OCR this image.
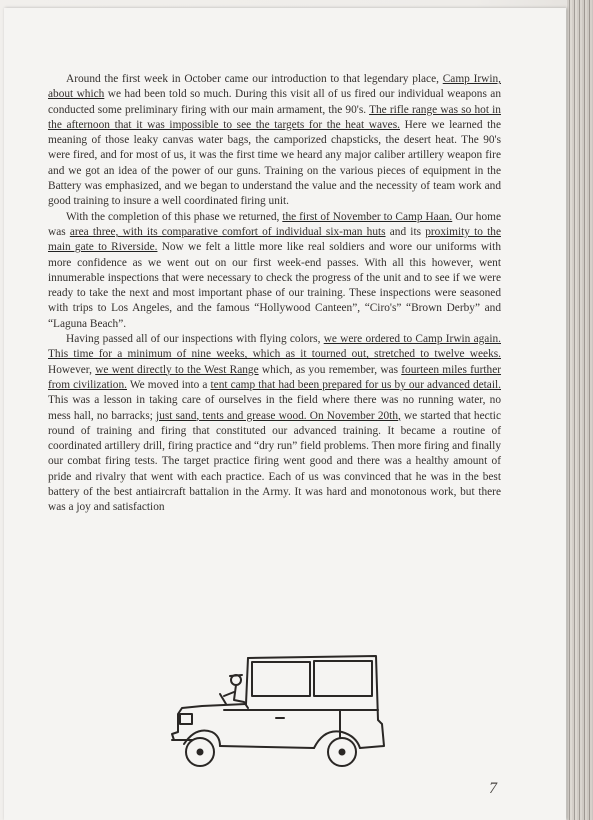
Around the first week in October came our introduction to that legendary place, Camp Irwin, about which we had been told so much. During this visit all of us fired our individual weapons an conducted some preliminary firing with our main armament, the 90's. The rifle range was so hot in the afternoon that it was impossible to see the targets for the heat waves. Here we learned the meaning of those leaky canvas water bags, the camporized chapsticks, the desert heat. The 90's were fired, and for most of us, it was the first time we heard any major caliber artillery weapon fire and we got an idea of the power of our guns. Training on the various pieces of equipment in the Battery was emphasized, and we began to understand the value and the necessity of team work and good training to insure a well coordinated firing unit.

With the completion of this phase we returned, the first of November to Camp Haan. Our home was area three, with its comparative comfort of individual six-man huts and its proximity to the main gate to Riverside. Now we felt a little more like real soldiers and wore our uniforms with more confidence as we went out on our first week-end passes. With all this however, went innumerable inspections that were necessary to check the progress of the unit and to see if we were ready to take the next and most important phase of our training. These inspections were seasoned with trips to Los Angeles, and the famous “Hollywood Canteen”, “Ciro's” “Brown Derby” and “Laguna Beach”.

Having passed all of our inspections with flying colors, we were ordered to Camp Irwin again. This time for a minimum of nine weeks, which as it tourned out, stretched to twelve weeks. However, we went directly to the West Range which, as you remember, was fourteen miles further from civilization. We moved into a tent camp that had been prepared for us by our advanced detail. This was a lesson in taking care of ourselves in the field where there was no running water, no mess hall, no barracks; just sand, tents and grease wood. On November 20th, we started that hectic round of training and firing that constituted our advanced training. It became a routine of coordinated artillery drill, firing practice and “dry run” field problems. Then more firing and finally our combat firing tests. The target practice firing went good and there was a healthy amount of pride and rivalry that went with each practice. Each of us was convinced that he was in the best battery of the best antiaircraft battalion in the Army. It was hard and monotonous work, but there was a joy and satisfaction

7
